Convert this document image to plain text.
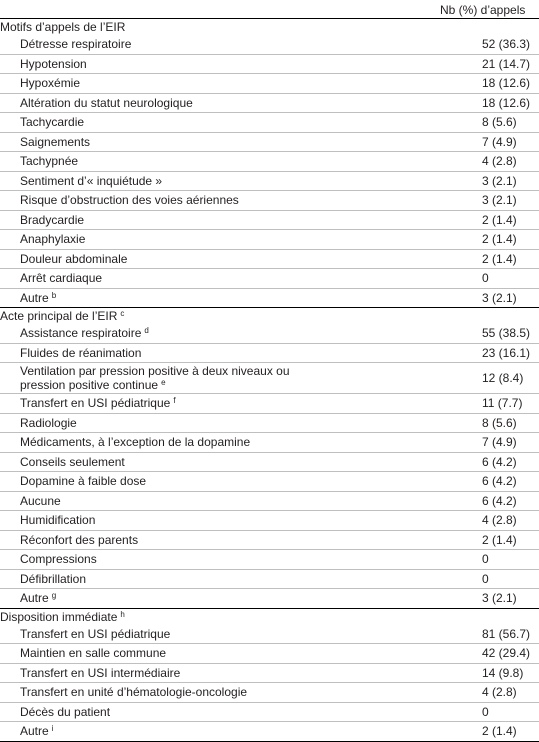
	Nb (%) d’appels
Motifs d’appels de l’EIR	
Détresse respiratoire	52 (36.3)
Hypotension	21 (14.7)
Hypoxémie	18 (12.6)
Altération du statut neurologique	18 (12.6)
Tachycardie	8 (5.6)
Saignements	7 (4.9)
Tachypnée	4 (2.8)
Sentiment d’« inquiétude »	3 (2.1)
Risque d’obstruction des voies aériennes	3 (2.1)
Bradycardie	2 (1.4)
Anaphylaxie	2 (1.4)
Douleur abdominale	2 (1.4)
Arrêt cardiaque	0
Autre $^b$	3 (2.1)
Acte principal de l’EIR $^c$	
Assistance respiratoire $^d$	55 (38.5)
Fluides de réanimation	23 (16.1)
Ventilation par pression positive à deux niveaux ou
pression positive continue $^e$	12 (8.4)
Transfert en USI pédiatrique $^f$	11 (7.7)
Radiologie	8 (5.6)
Médicaments, à l’exception de la dopamine	7 (4.9)
Conseils seulement	6 (4.2)
Dopamine à faible dose	6 (4.2)
Aucune	6 (4.2)
Humidification	4 (2.8)
Réconfort des parents	2 (1.4)
Compressions	0
Défibrillation	0
Autre $^g$	3 (2.1)
Disposition immédiate $^h$	
Transfert en USI pédiatrique	81 (56.7)
Maintien en salle commune	42 (29.4)
Transfert en USI intermédiaire	14 (9.8)
Transfert en unité d’hématologie-oncologie	4 (2.8)
Décès du patient	0
Autre $^i$	2 (1.4)
